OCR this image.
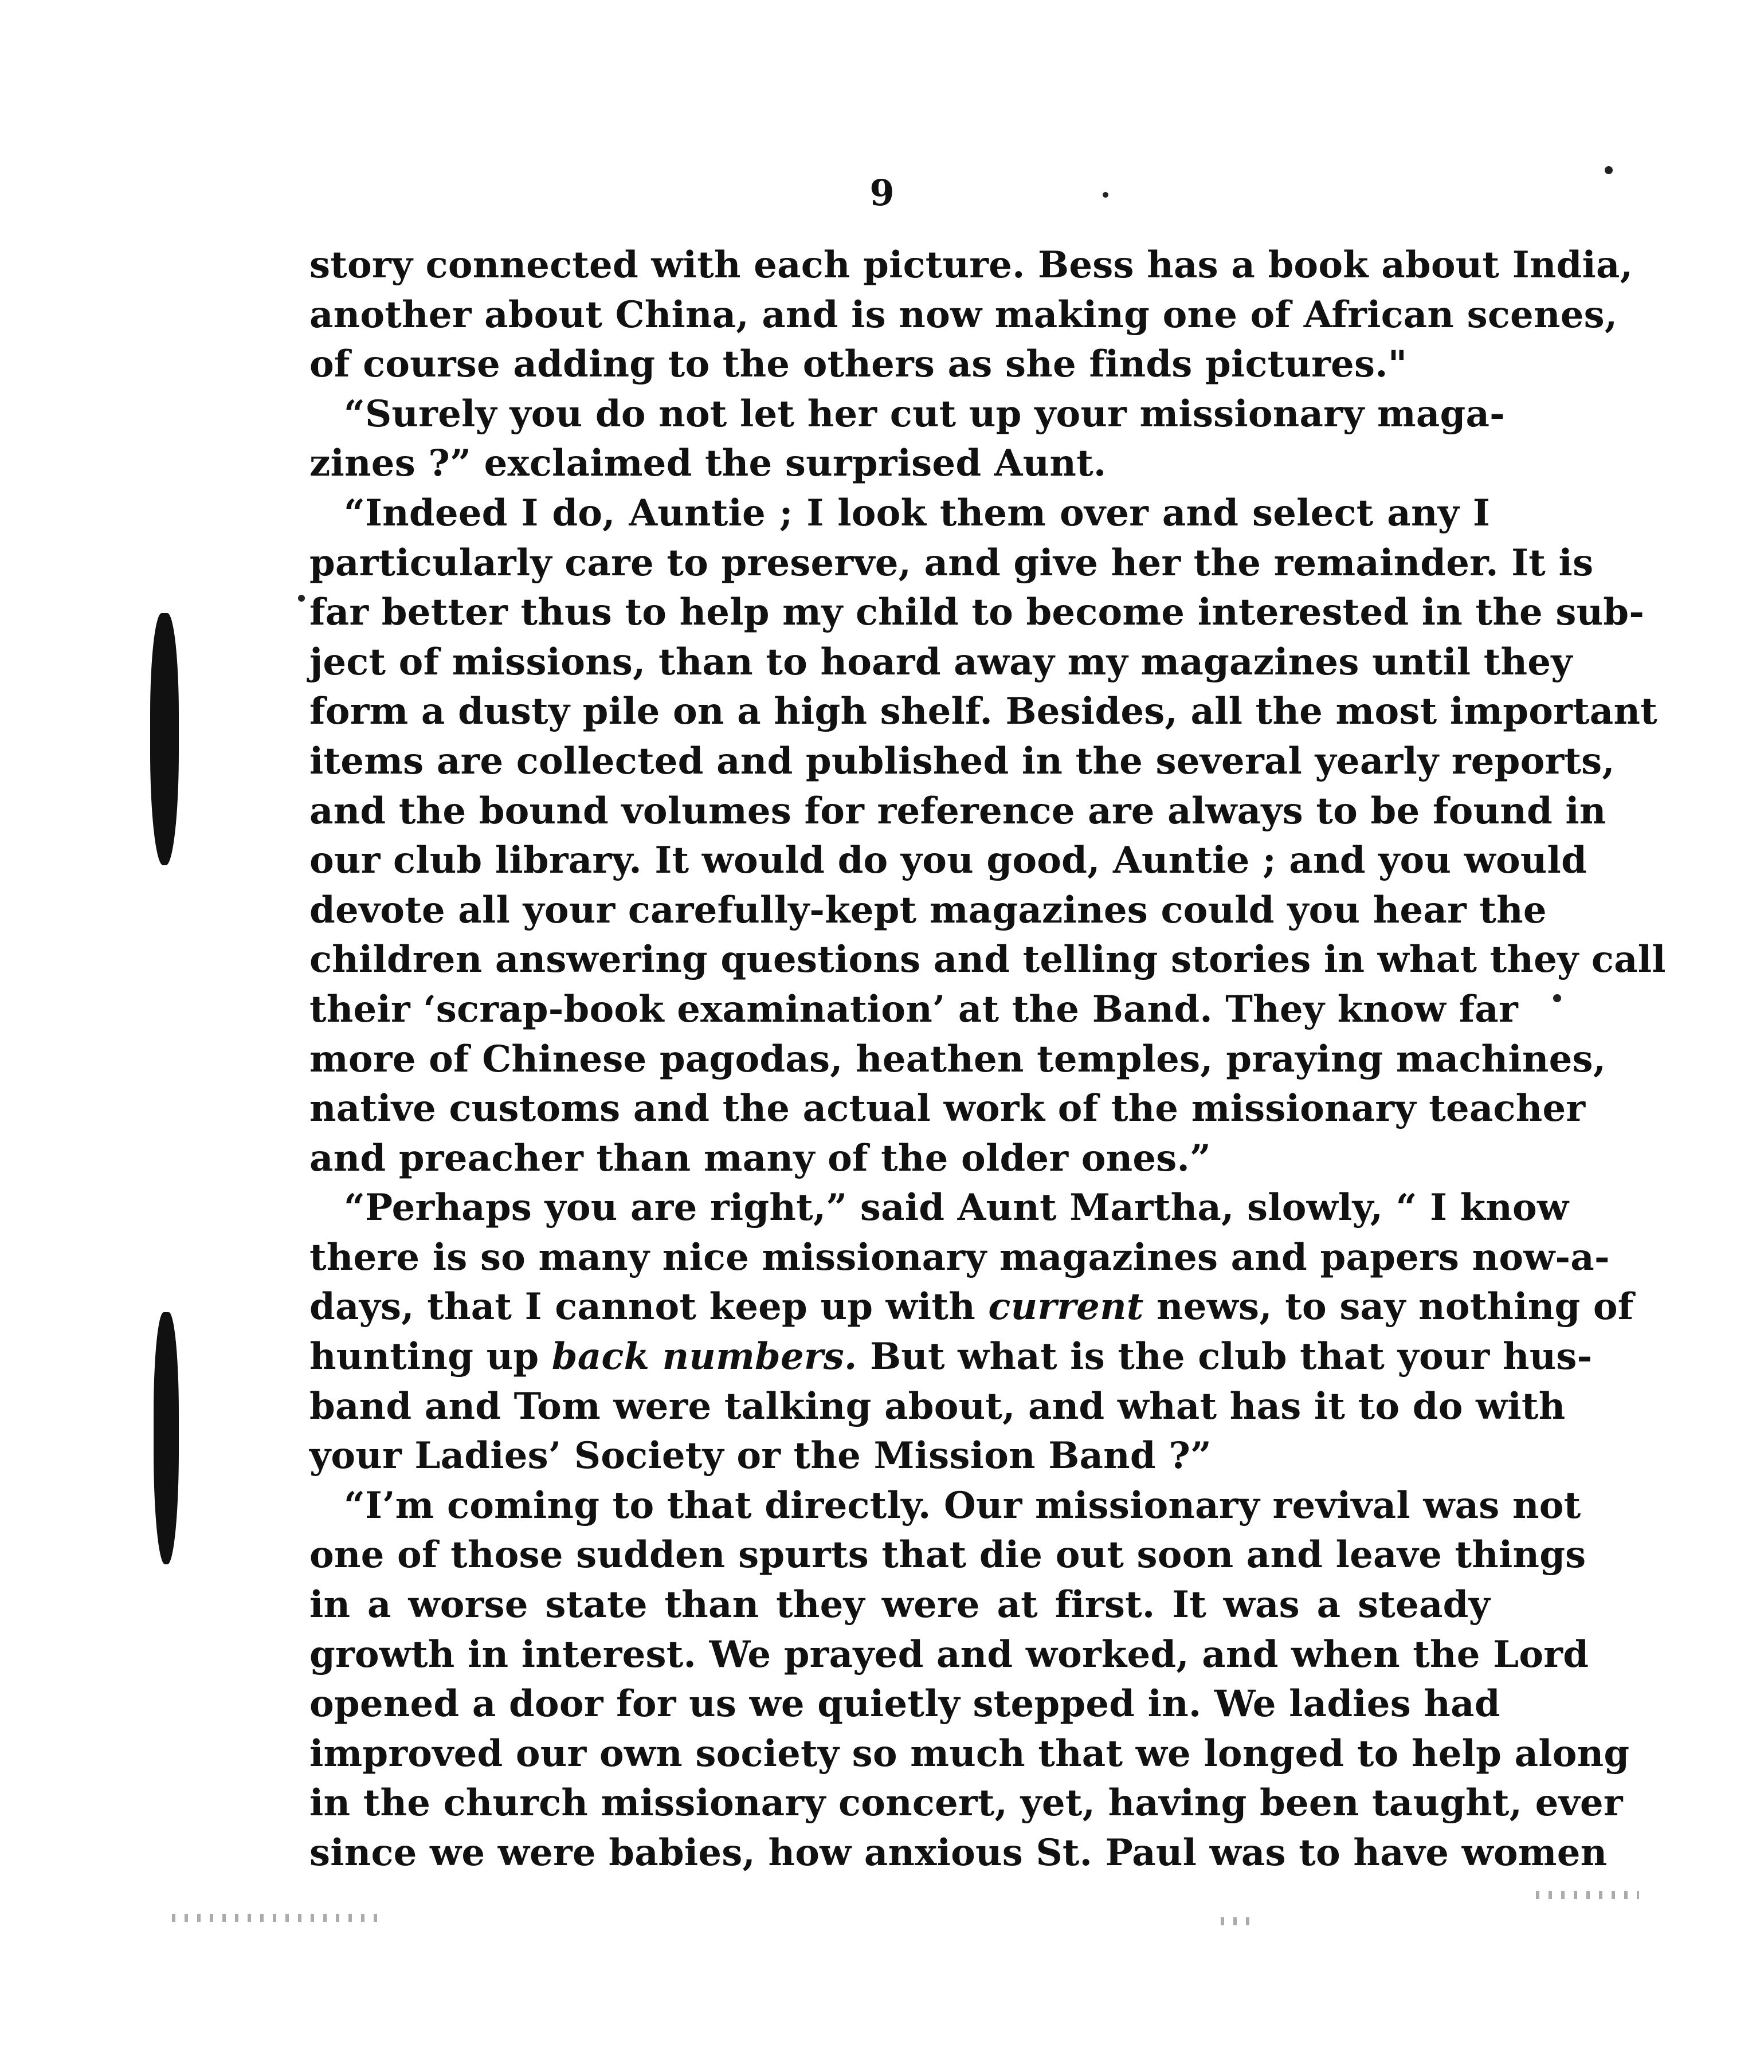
9
story connected with each picture. Bess has a book about India,
another about China, and is now making one of African scenes,
of course adding to the others as she finds pictures."
“Surely you do not let her cut up your missionary maga-
zines ?” exclaimed the surprised Aunt.
“Indeed I do, Auntie ; I look them over and select any I
particularly care to preserve, and give her the remainder. It is
far better thus to help my child to become interested in the sub-
ject of missions, than to hoard away my magazines until they
form a dusty pile on a high shelf. Besides, all the most important
items are collected and published in the several yearly reports,
and the bound volumes for reference are always to be found in
our club library. It would do you good, Auntie ; and you would
devote all your carefully-kept magazines could you hear the
children answering questions and telling stories in what they call
their ‘scrap-book examination’ at the Band. They know far
more of Chinese pagodas, heathen temples, praying machines,
native customs and the actual work of the missionary teacher
and preacher than many of the older ones.”
“Perhaps you are right,” said Aunt Martha, slowly, “ I know
there is so many nice missionary magazines and papers now-a-
days, that I cannot keep up with current news, to say nothing of
hunting up back numbers. But what is the club that your hus-
band and Tom were talking about, and what has it to do with
your Ladies’ Society or the Mission Band ?”
“I’m coming to that directly. Our missionary revival was not
one of those sudden spurts that die out soon and leave things
in a worse state than they were at first. It was a steady
growth in interest. We prayed and worked, and when the Lord
opened a door for us we quietly stepped in. We ladies had
improved our own society so much that we longed to help along
in the church missionary concert, yet, having been taught, ever
since we were babies, how anxious St. Paul was to have women
